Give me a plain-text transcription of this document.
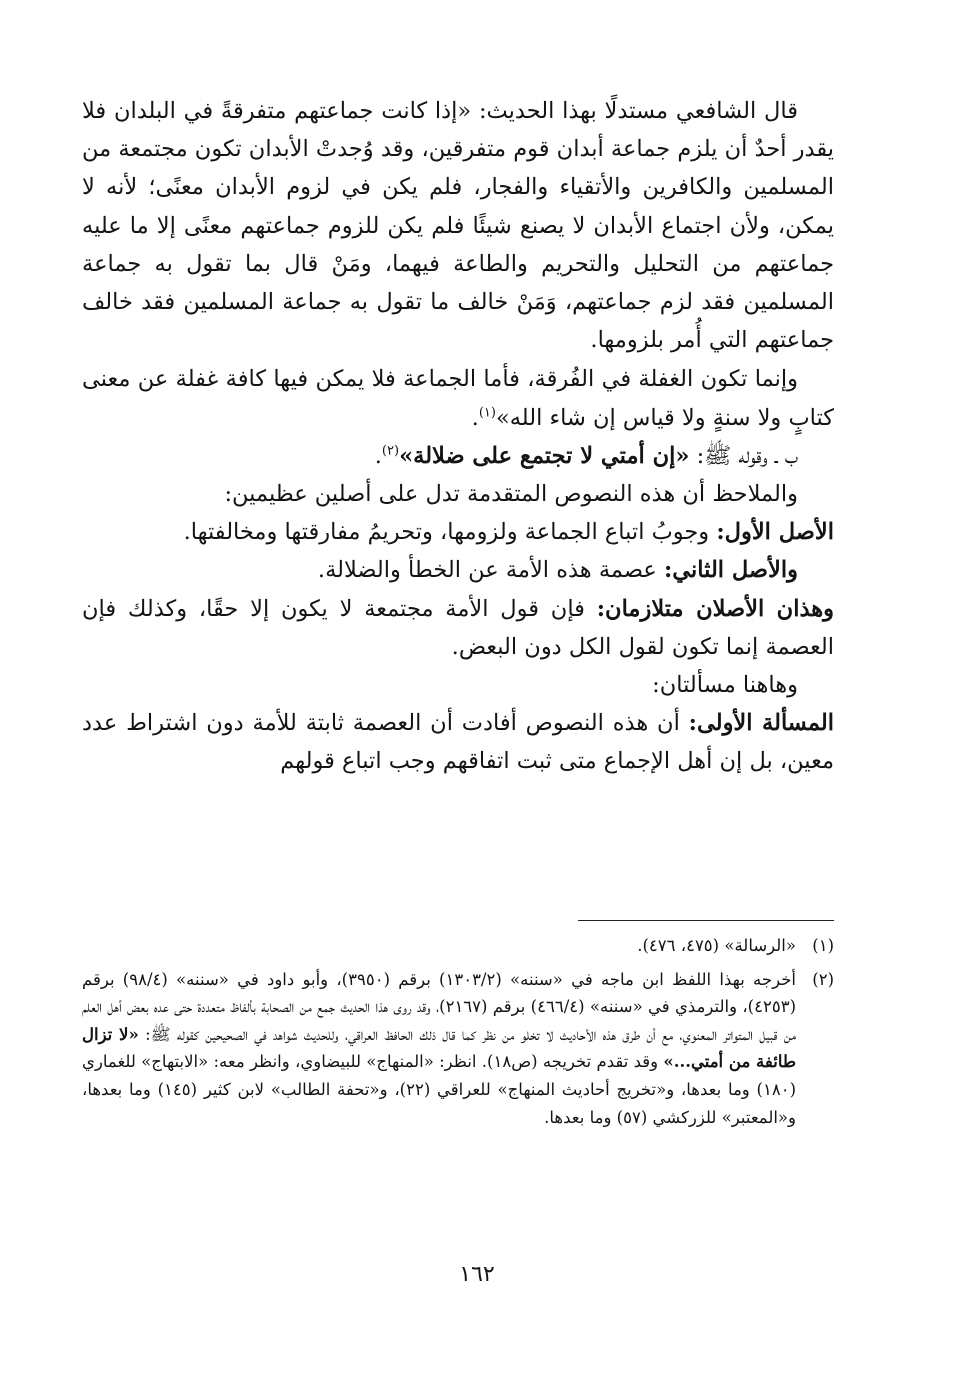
قال الشافعي مستدلًا بهذا الحديث: «إذا كانت جماعتهم متفرقةً في البلدان فلا يقدر أحدٌ أن يلزم جماعة أبدان قوم متفرقين، وقد وُجدتْ الأبدان تكون مجتمعة من المسلمين والكافرين والأتقياء والفجار، فلم يكن في لزوم الأبدان معنًى؛ لأنه لا يمكن، ولأن اجتماع الأبدان لا يصنع شيئًا فلم يكن للزوم جماعتهم معنًى إلا ما عليه جماعتهم من التحليل والتحريم والطاعة فيهما، ومَنْ قال بما تقول به جماعة المسلمين فقد لزم جماعتهم، وَمَنْ خالف ما تقول به جماعة المسلمين فقد خالف جماعتهم التي أُمر بلزومها.

وإنما تكون الغفلة في الفُرقة، فأما الجماعة فلا يمكن فيها كافة غفلة عن معنى كتابٍ ولا سنةٍ ولا قياس إن شاء الله»$^{(١)}$.

ب ـ وقوله ﷺ: «إن أمتي لا تجتمع على ضلالة»$^{(٢)}$.

والملاحظ أن هذه النصوص المتقدمة تدل على أصلين عظيمين:

الأصل الأول: وجوبُ اتباع الجماعة ولزومها، وتحريمُ مفارقتها ومخالفتها.

والأصل الثاني: عصمة هذه الأمة عن الخطأ والضلالة.

وهذان الأصلان متلازمان: فإن قول الأمة مجتمعة لا يكون إلا حقًا، وكذلك فإن العصمة إنما تكون لقول الكل دون البعض.

وهاهنا مسألتان:

المسألة الأولى: أن هذه النصوص أفادت أن العصمة ثابتة للأمة دون اشتراط عدد معين، بل إن أهل الإجماع متى ثبت اتفاقهم وجب اتباع قولهم

(١)
«الرسالة» (٤٧٥، ٤٧٦).
(٢)
أخرجه بهذا اللفظ ابن ماجه في «سننه» (١٣٠٣/٢) برقم (٣٩٥٠)، وأبو داود في «سننه» (٩٨/٤) برقم (٤٢٥٣)، والترمذي في «سننه» (٤٦٦/٤) برقم (٢١٦٧)، وقد روى هذا الحديث جمع من الصحابة بألفاظ متعددة حتى عده بعض أهل العلم من قبيل المتواتر المعنوي، مع أن طرق هذه الأحاديث لا تخلو من نظر كما قال ذلك الحافظ العراقي، وللحديث شواهد في الصحيحين كقوله ﷺ: «لا تزال طائفة من أمتي...» وقد تقدم تخريجه (ص١٨). انظر: «المنهاج» للبيضاوي، وانظر معه: «الابتهاج» للغماري (١٨٠) وما بعدها، و«تخريج أحاديث المنهاج» للعراقي (٢٢)، و«تحفة الطالب» لابن كثير (١٤٥) وما بعدها، و«المعتبر» للزركشي (٥٧) وما بعدها.
١٦٢
